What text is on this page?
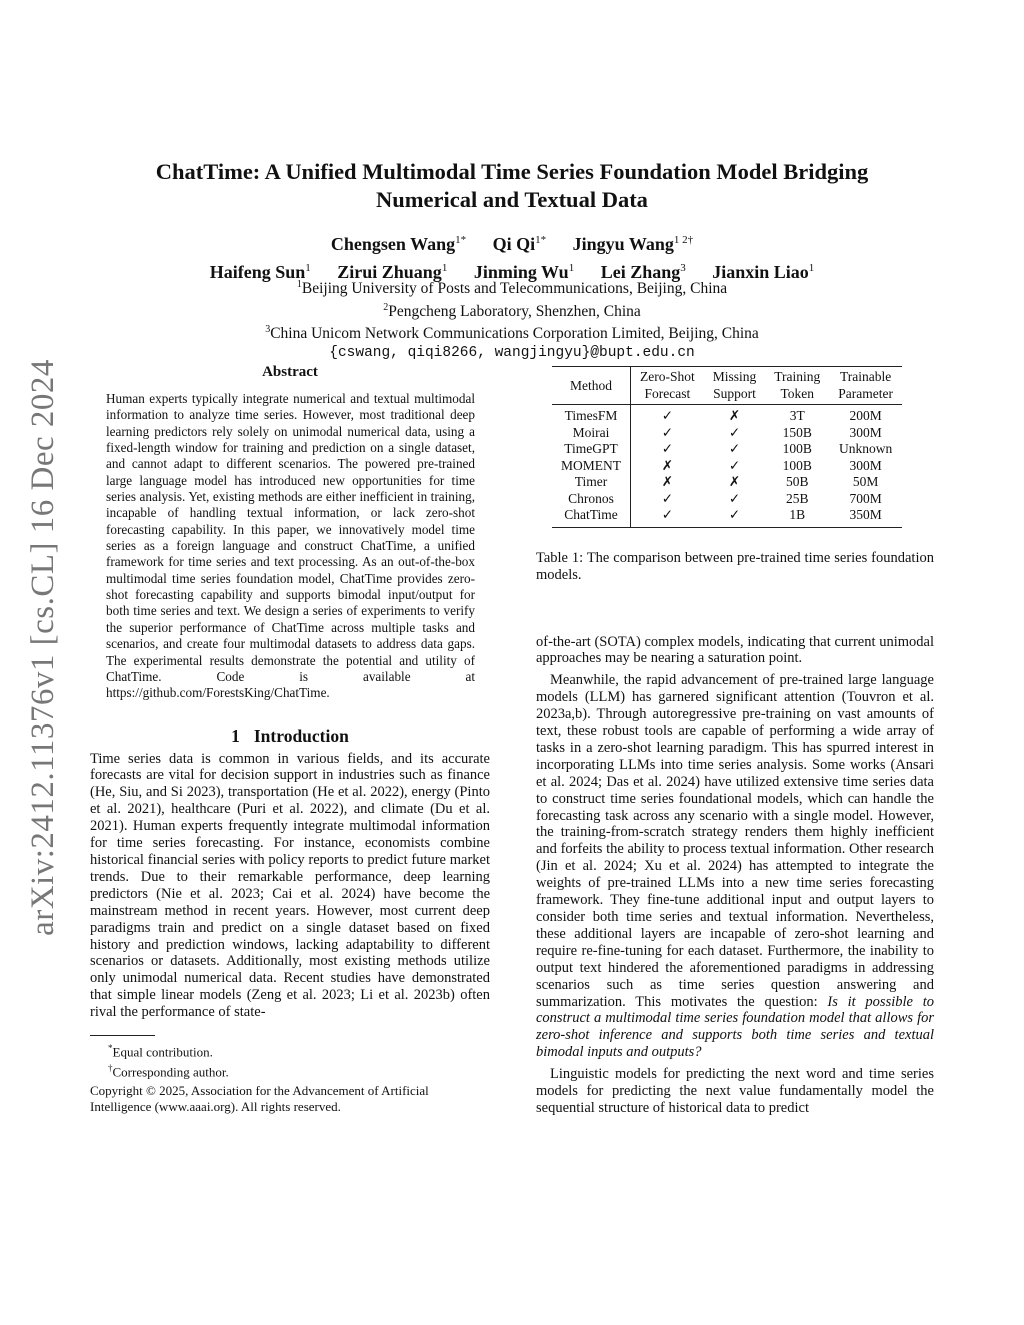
arXiv:2412.11376v1 [cs.CL] 16 Dec 2024
ChatTime: A Unified Multimodal Time Series Foundation Model Bridging
Numerical and Textual Data
Chengsen Wang$^{1*}$ Qi $Qi^{1*}$ Jingyu Wang$^{1 2\dagger}$
Haifeng Sun$^1$ Zirui Zhuang$^1$ Jinming Wu$^1$ Lei Zhang$^3$ Jianxin Liao$^1$
$^1$Beijing University of Posts and Telecommunications, Beijing, China
$^2$Pengcheng Laboratory, Shenzhen, China
$^3$China Unicom Network Communications Corporation Limited, Beijing, China
{cswang, qiqi8266, wangjingyu}@bupt.edu.cn
Abstract

Human experts typically integrate numerical and textual multimodal information to analyze time series. However, most traditional deep learning predictors rely solely on unimodal numerical data, using a fixed-length window for training and prediction on a single dataset, and cannot adapt to different scenarios. The powered pre-trained large language model has introduced new opportunities for time series analysis. Yet, existing methods are either inefficient in training, incapable of handling textual information, or lack zero-shot forecasting capability. In this paper, we innovatively model time series as a foreign language and construct ChatTime, a unified framework for time series and text processing. As an out-of-the-box multimodal time series foundation model, ChatTime provides zero-shot forecasting capability and supports bimodal input/output for both time series and text. We design a series of experiments to verify the superior performance of ChatTime across multiple tasks and scenarios, and create four multimodal datasets to address data gaps. The experimental results demonstrate the potential and utility of ChatTime. Code is available at https://github.com/ForestsKing/ChatTime.

1 Introduction

Time series data is common in various fields, and its accurate forecasts are vital for decision support in industries such as finance (He, Siu, and Si 2023), transportation (He et al. 2022), energy (Pinto et al. 2021), healthcare (Puri et al. 2022), and climate (Du et al. 2021). Human experts frequently integrate multimodal information for time series forecasting. For instance, economists combine historical financial series with policy reports to predict future market trends. Due to their remarkable performance, deep learning predictors (Nie et al. 2023; Cai et al. 2024) have become the mainstream method in recent years. However, most current deep paradigms train and predict on a single dataset based on fixed history and prediction windows, lacking adaptability to different scenarios or datasets. Additionally, most existing methods utilize only unimodal numerical data. Recent studies have demonstrated that simple linear models (Zeng et al. 2023; Li et al. 2023b) often rival the performance of state-

*Equal contribution.
†Corresponding author.

Copyright © 2025, Association for the Advancement of Artificial Intelligence (www.aaai.org). All rights reserved.

Method	Zero-Shot	Missing	Training	Trainable
	Forecast	Support	Token	Parameter
TimesFM	✓	✗	3T	200M
Moirai	✓	✓	150B	300M
TimeGPT	✓	✓	100B	Unknown
MOMENT	✗	✓	100B	300M
Timer	✗	✗	50B	50M
Chronos	✓	✓	25B	700M
ChatTime	✓	✓	1B	350M

Table 1: The comparison between pre-trained time series foundation models.

of-the-art (SOTA) complex models, indicating that current unimodal approaches may be nearing a saturation point.

Meanwhile, the rapid advancement of pre-trained large language models (LLM) has garnered significant attention (Touvron et al. 2023a,b). Through autoregressive pre-training on vast amounts of text, these robust tools are capable of performing a wide array of tasks in a zero-shot learning paradigm. This has spurred interest in incorporating LLMs into time series analysis. Some works (Ansari et al. 2024; Das et al. 2024) have utilized extensive time series data to construct time series foundational models, which can handle the forecasting task across any scenario with a single model. However, the training-from-scratch strategy renders them highly inefficient and forfeits the ability to process textual information. Other research (Jin et al. 2024; Xu et al. 2024) has attempted to integrate the weights of pre-trained LLMs into a new time series forecasting framework. They fine-tune additional input and output layers to consider both time series and textual information. Nevertheless, these additional layers are incapable of zero-shot learning and require re-fine-tuning for each dataset. Furthermore, the inability to output text hindered the aforementioned paradigms in addressing scenarios such as time series question answering and summarization. This motivates the question: Is it possible to construct a multimodal time series foundation model that allows for zero-shot inference and supports both time series and textual bimodal inputs and outputs?

Linguistic models for predicting the next word and time series models for predicting the next value fundamentally model the sequential structure of historical data to predict
